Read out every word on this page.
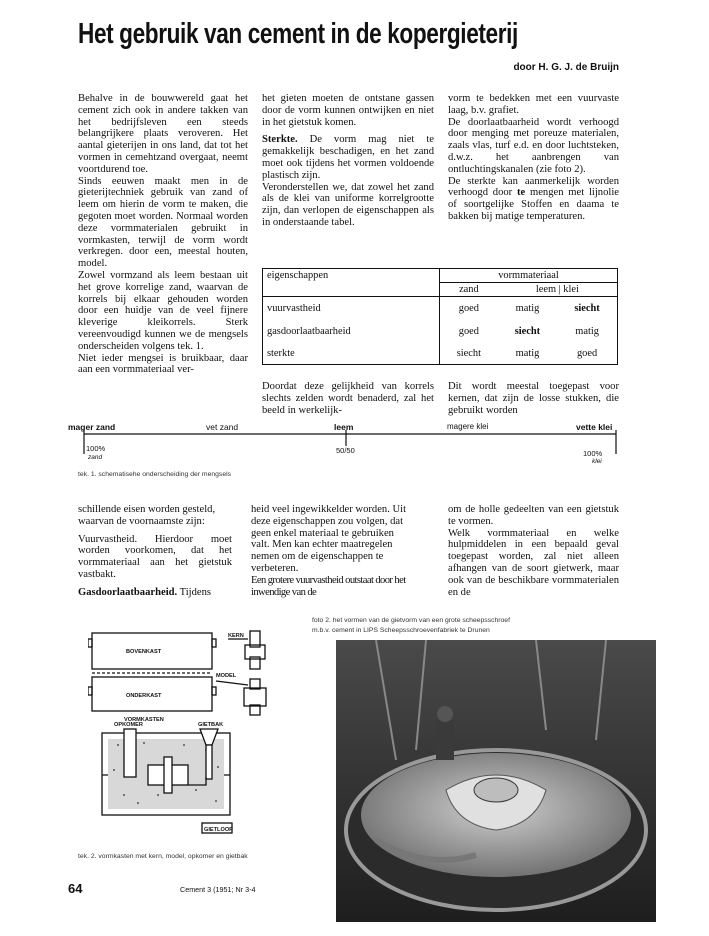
Het gebruik van cement in de kopergieterij
door H. G. J. de Bruijn

Behalve in de bouwwereld gaat het cement zich ook in andere takken van het bedrijfsleven een steeds belangrijkere plaats veroveren. Het aantal gieterijen in ons land, dat tot het vormen in cemehtzand overgaat, neemt voortdurend toe.

Sinds eeuwen maakt men in de gieterijtechniek gebruik van zand of leem om hierin de vorm te maken, die gegoten moet worden. Normaal worden deze vormmaterialen gebruikt in vormkasten, terwijl de vorm wordt verkregen. door een, meestal houten, model.

Zowel vormzand als leem bestaan uit het grove korrelige zand, waarvan de korrels bij elkaar gehouden worden door een huidje van de veel fijnere kleverige kleikorrels. Sterk vereenvoudigd kunnen we de mengsels onderscheiden volgens tek. 1.

Niet ieder mengsei is bruikbaar, daar aan een vormmateriaal ver-

het gieten moeten de ontstane gassen door de vorm kunnen ontwijken en niet in het gietstuk komen.

Sterkte. De vorm mag niet te gemakkelijk beschadigen, en het zand moet ook tijdens het vormen voldoende plastisch zijn.

Veronderstellen we, dat zowel het zand als de klei van uniforme korrelgrootte zijn, dan verlopen de eigenschappen als in onderstaande tabel.

vorm te bedekken met een vuurvaste laag, b.v. grafiet.

De doorlaatbaarheid wordt verhoogd door menging met poreuze materialen, zaals vlas, turf e.d. en door luchtsteken, d.w.z. het aanbrengen van ontluchtingskanalen (zie foto 2).

De sterkte kan aanmerkelijk worden verhoogd door te mengen met lijnolie of soortgelijke Stoffen en daama te bakken bij matige temperaturen.

eigenschappen	vormmateriaal		
	zand	leem | klei	
vuurvastheid	goed	matig	siecht
gasdoorlaatbaarheid	goed	siecht	matig
sterkte	siecht	matig	goed
Doordat deze gelijkheid van korrels slechts zelden wordt benaderd, zal het beeld in werkelijk-
Dit wordt meestal toegepast voor kernen, dat zijn de losse stukken, die gebruikt worden
mager zand	vet zand	leem	magere klei	vette klei
100%
zand
50/50	100%
klei
tek. 1. schematisehe onderscheiding der mengsels

schillende eisen worden gesteld,

waarvan de voornaamste zijn:

Vuurvastheid. Hierdoor moet worden voorkomen, dat het vormmateriaal aan het gietstuk vastbakt.

Gasdoorlaatbaarheid. Tijdens

heid veel ingewikkelder worden. Uit deze eigenschappen zou volgen, dat geen enkel materiaal te gebruiken valt. Men kan echter maatregelen nemen om de eigenschappen te verbeteren.

Een grotere vuurvastheid outstaat door het inwendige van de

om de holle gedeelten van een gietstuk te vormen.

Welk vormmateriaal en welke hulpmiddelen in een bepaald geval toegepast worden, zal niet alleen afhangen van de soort gietwerk, maar ook van de beschikbare vormmaterialen en de

KERN
BOVENKAST
MODEL
ONDERKAST
VORMKASTEN
OPKOMER	GIETBAK
GIETLOOP
tek. 2. vormkasten met kern, model, opkomer en gietbak
foto 2. het vormen van de gietvorm van een grote scheepsschroef
m.b.v. cement in LIPS Scheepsschroevenfabriek te Drunen
64	Cement 3 (1951; Nr 3-4
